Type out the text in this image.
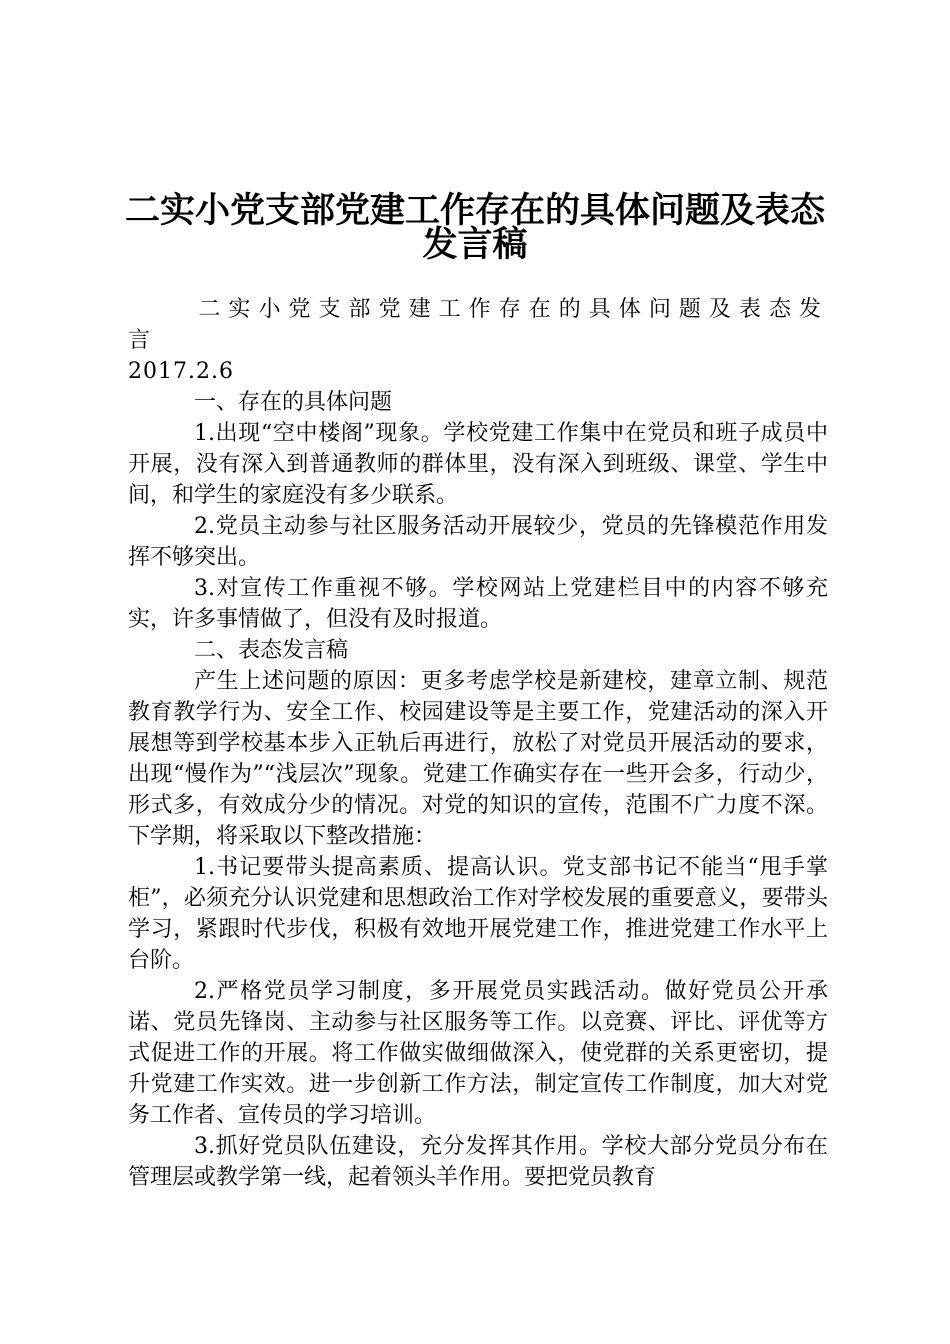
二实小党支部党建工作存在的具体问题及表态
发言稿

二实小党支部党建工作存在的具体问题及表态发言

2017.2.6

一、存在的具体问题

1.出现“空中楼阁”现象。学校党建工作集中在党员和班子成员中开展，没有深入到普通教师的群体里，没有深入到班级、课堂、学生中间，和学生的家庭没有多少联系。

2.党员主动参与社区服务活动开展较少，党员的先锋模范作用发挥不够突出。

3.对宣传工作重视不够。学校网站上党建栏目中的内容不够充实，许多事情做了，但没有及时报道。

二、表态发言稿

产生上述问题的原因：更多考虑学校是新建校，建章立制、规范教育教学行为、安全工作、校园建设等是主要工作，党建活动的深入开展想等到学校基本步入正轨后再进行，放松了对党员开展活动的要求，出现“慢作为”“浅层次”现象。党建工作确实存在一些开会多，行动少，形式多，有效成分少的情况。对党的知识的宣传，范围不广力度不深。下学期，将采取以下整改措施：

1.书记要带头提高素质、提高认识。党支部书记不能当“甩手掌柜”，必须充分认识党建和思想政治工作对学校发展的重要意义，要带头学习，紧跟时代步伐，积极有效地开展党建工作，推进党建工作水平上台阶。

2.严格党员学习制度，多开展党员实践活动。做好党员公开承诺、党员先锋岗、主动参与社区服务等工作。以竞赛、评比、评优等方式促进工作的开展。将工作做实做细做深入，使党群的关系更密切，提升党建工作实效。进一步创新工作方法，制定宣传工作制度，加大对党务工作者、宣传员的学习培训。

3.抓好党员队伍建设，充分发挥其作用。学校大部分党员分布在管理层或教学第一线，起着领头羊作用。要把党员教育
